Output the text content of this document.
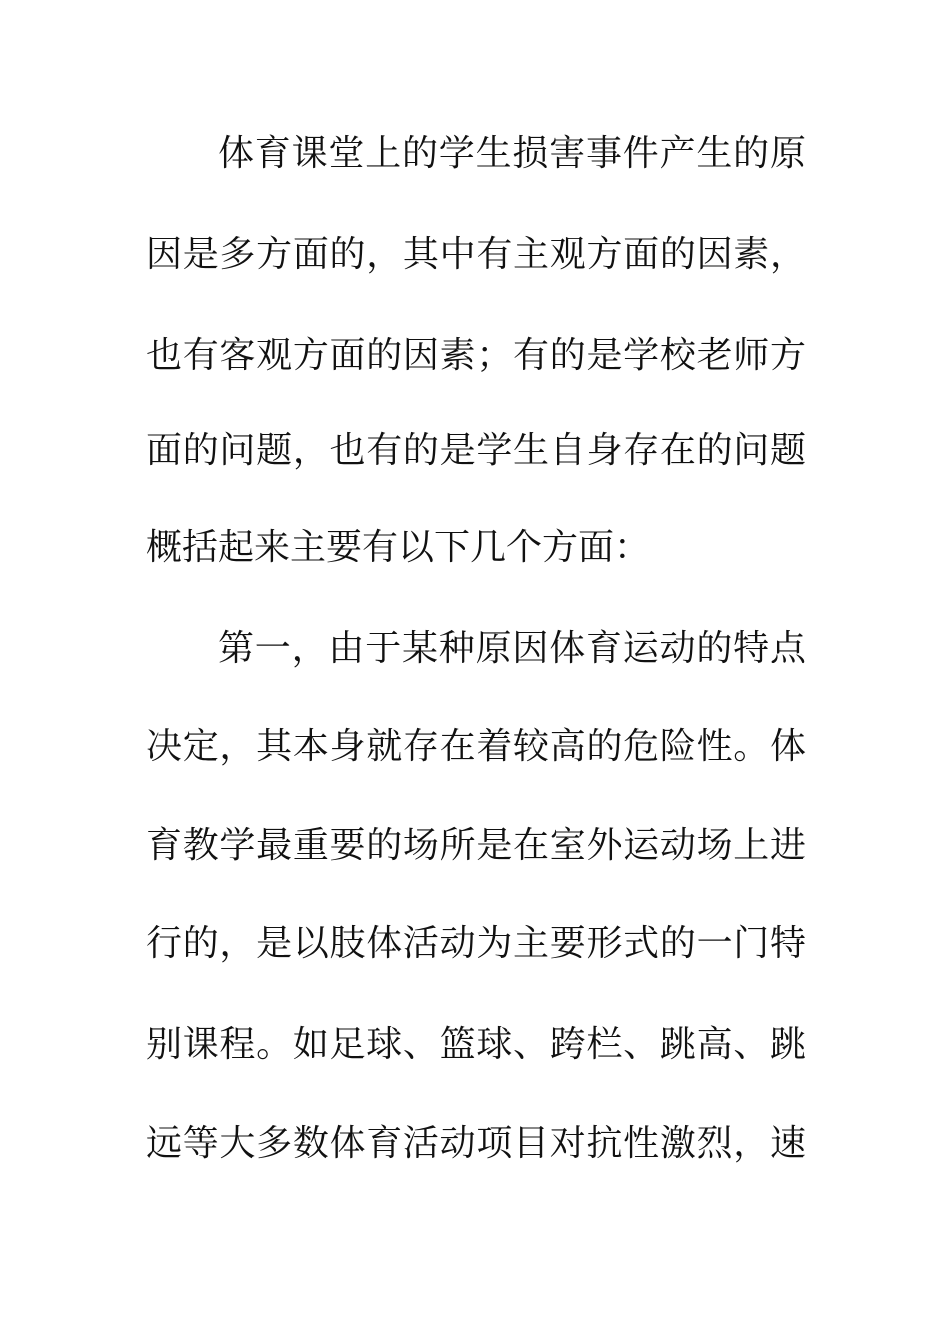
体育课堂上的学生损害事件产生的原
因是多方面的，其中有主观方面的因素，
也有客观方面的因素；有的是学校老师方
面的问题，也有的是学生自身存在的问题
概括起来主要有以下几个方面：
第一，由于某种原因体育运动的特点
决定，其本身就存在着较高的危险性。体
育教学最重要的场所是在室外运动场上进
行的，是以肢体活动为主要形式的一门特
别课程。如足球、篮球、跨栏、跳高、跳
远等大多数体育活动项目对抗性激烈，速
